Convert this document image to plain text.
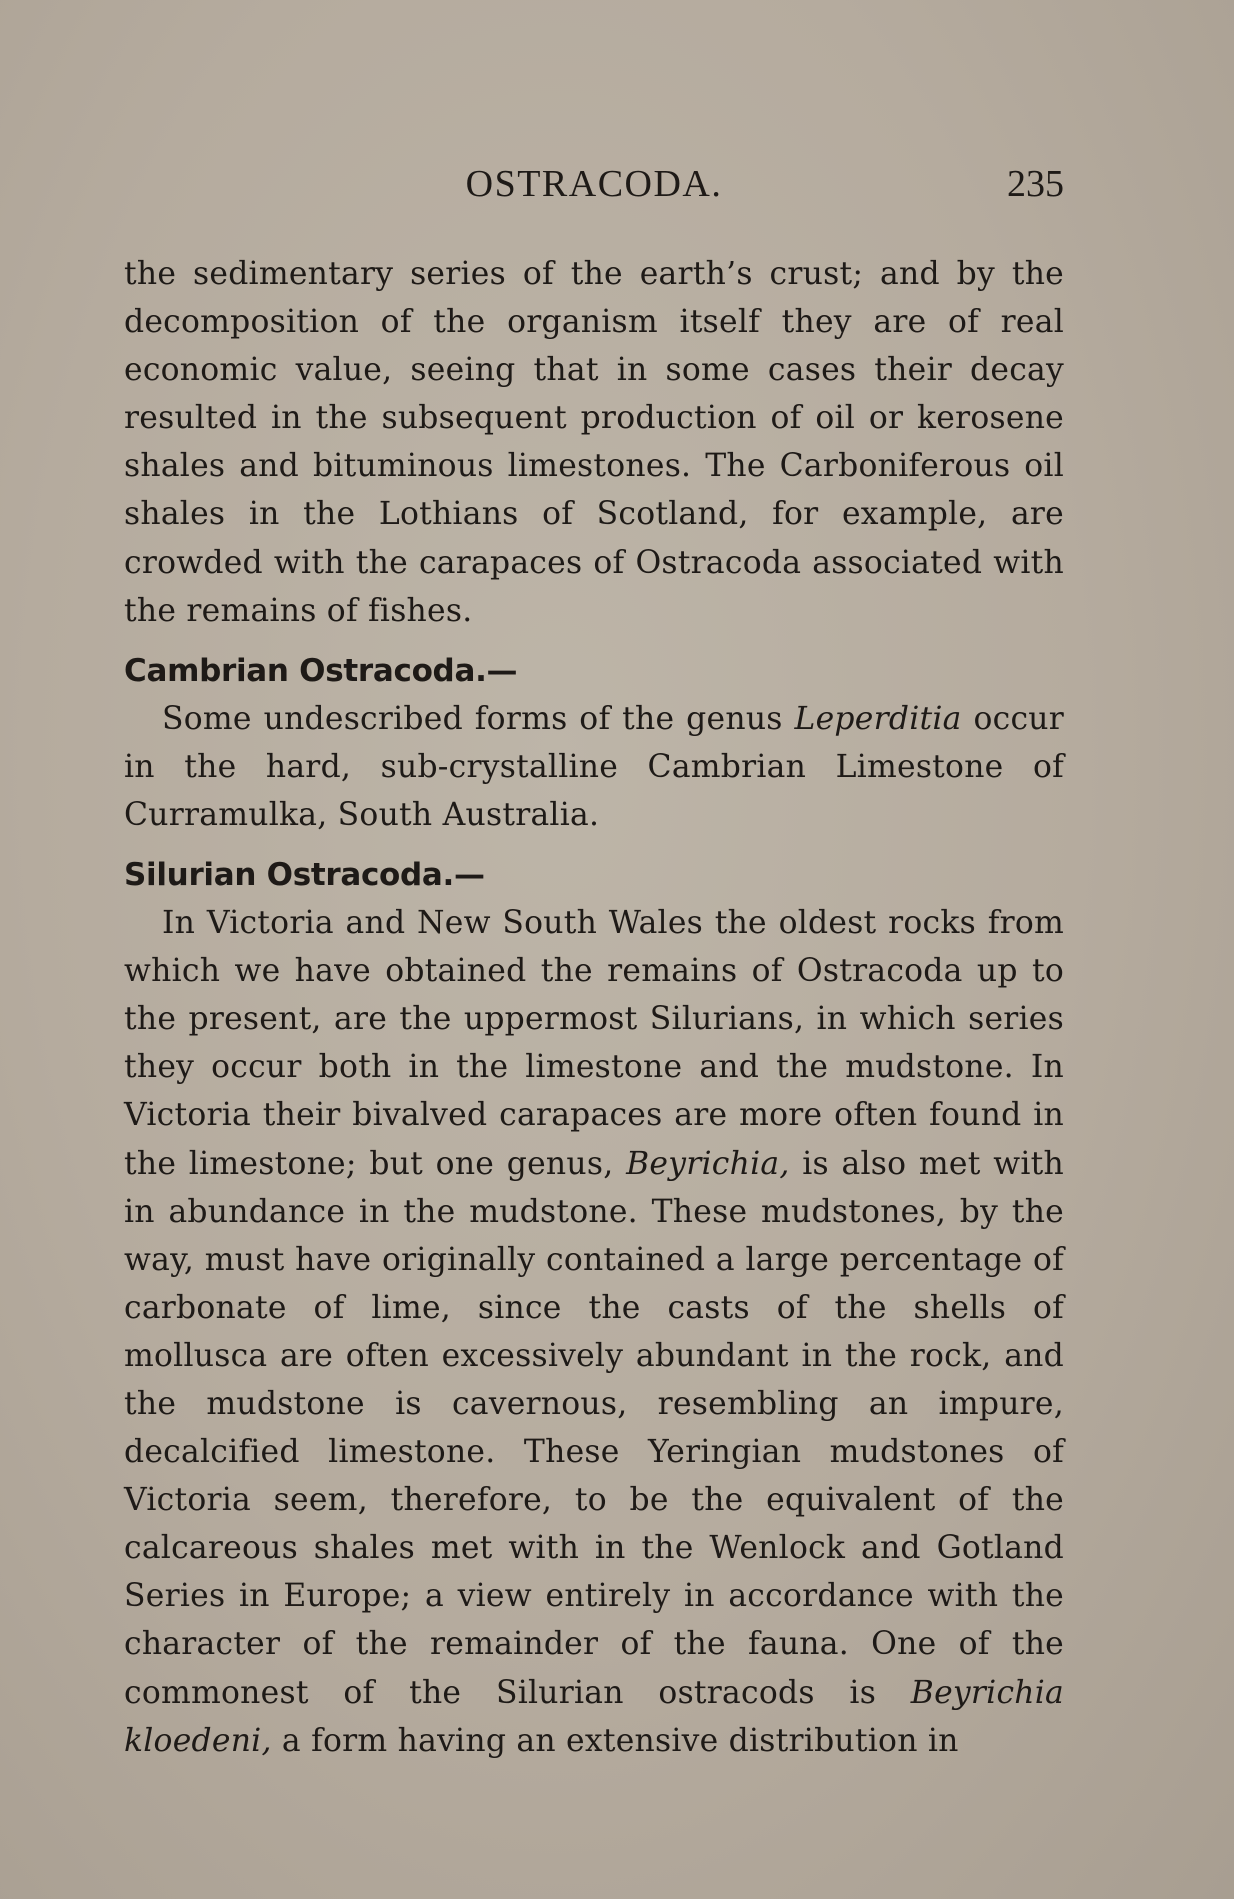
OSTRACODA.	235

the sedimentary series of the earth’s crust; and by the decomposition of the organism itself they are of real economic value, seeing that in some cases their decay resulted in the subsequent production of oil or kerosene shales and bituminous limestones. The Carboniferous oil shales in the Lothians of Scotland, for example, are crowded with the carapaces of Ostracoda associated with the remains of fishes.

Cambrian Ostracoda.—

Some undescribed forms of the genus Leperditia occur in the hard, sub-crystalline Cambrian Limestone of Curramulka, South Australia.

Silurian Ostracoda.—

In Victoria and New South Wales the oldest rocks from which we have obtained the remains of Ostracoda up to the present, are the uppermost Silurians, in which series they occur both in the limestone and the mudstone. In Victoria their bivalved carapaces are more often found in the limestone; but one genus, Beyrichia, is also met with in abundance in the mudstone. These mudstones, by the way, must have originally contained a large percentage of carbonate of lime, since the casts of the shells of mollusca are often excessively abundant in the rock, and the mudstone is cavernous, resembling an impure, decalcified limestone. These Yeringian mudstones of Victoria seem, therefore, to be the equivalent of the calcareous shales met with in the Wenlock and Gotland Series in Europe; a view entirely in accordance with the character of the remainder of the fauna. One of the commonest of the Silurian ostracods is Beyrichia kloedeni, a form having an extensive distribution in
